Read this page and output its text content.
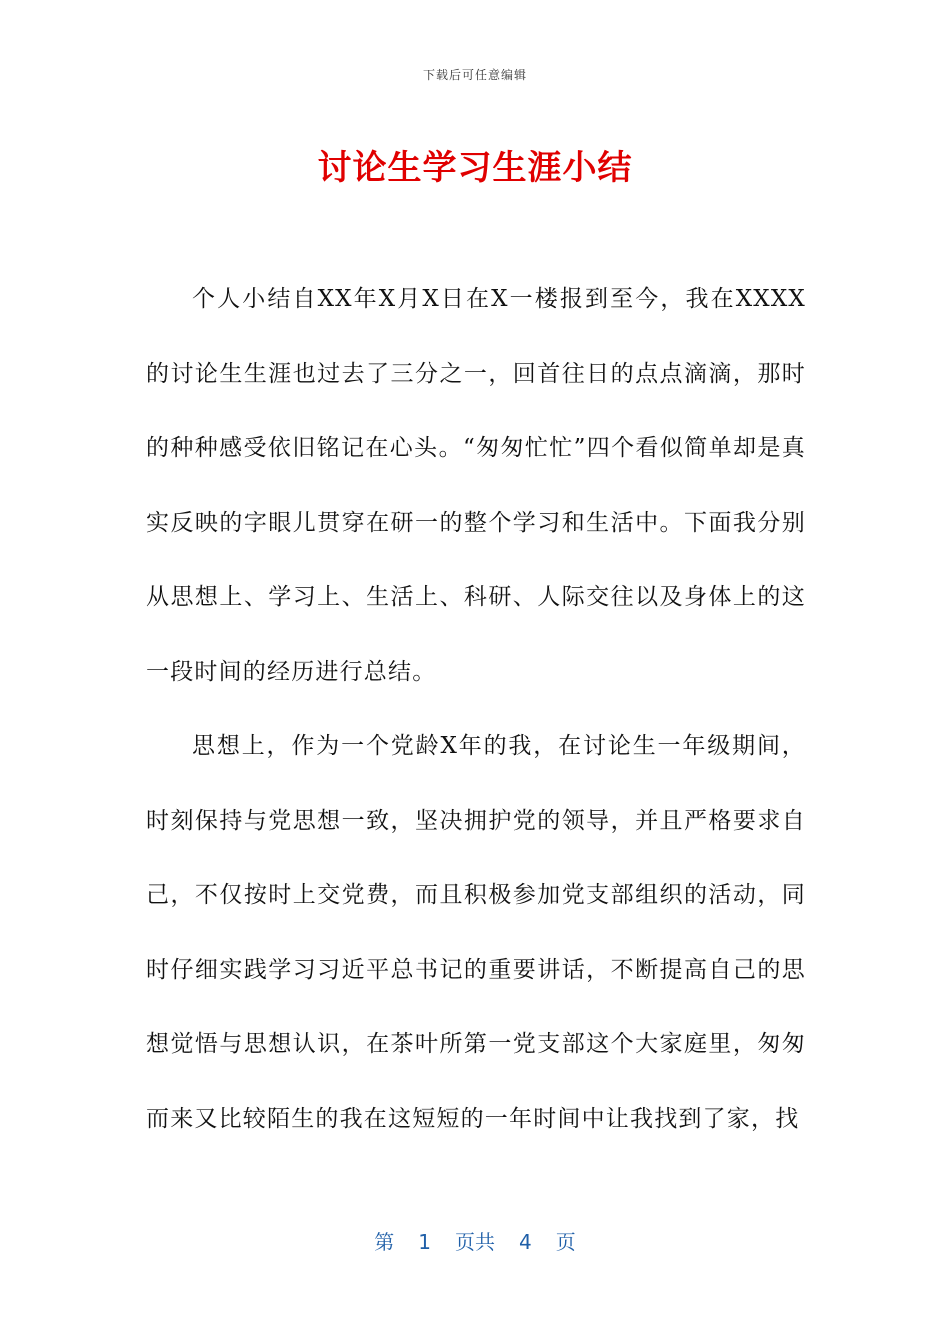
下载后可任意编辑
讨论生学习生涯小结

个人小结自XX年X月X日在X一楼报到至今，我在XXXX的讨论生生涯也过去了三分之一，回首往日的点点滴滴，那时的种种感受依旧铭记在心头。“匆匆忙忙”四个看似简单却是真实反映的字眼儿贯穿在研一的整个学习和生活中。下面我分别从思想上、学习上、生活上、科研、人际交往以及身体上的这一段时间的经历进行总结。

思想上，作为一个党龄X年的我，在讨论生一年级期间，时刻保持与党思想一致，坚决拥护党的领导，并且严格要求自己，不仅按时上交党费，而且积极参加党支部组织的活动，同时仔细实践学习习近平总书记的重要讲话，不断提高自己的思想觉悟与思想认识，在茶叶所第一党支部这个大家庭里，匆匆而来又比较陌生的我在这短短的一年时间中让我找到了家，找

第 1 页共 4 页
